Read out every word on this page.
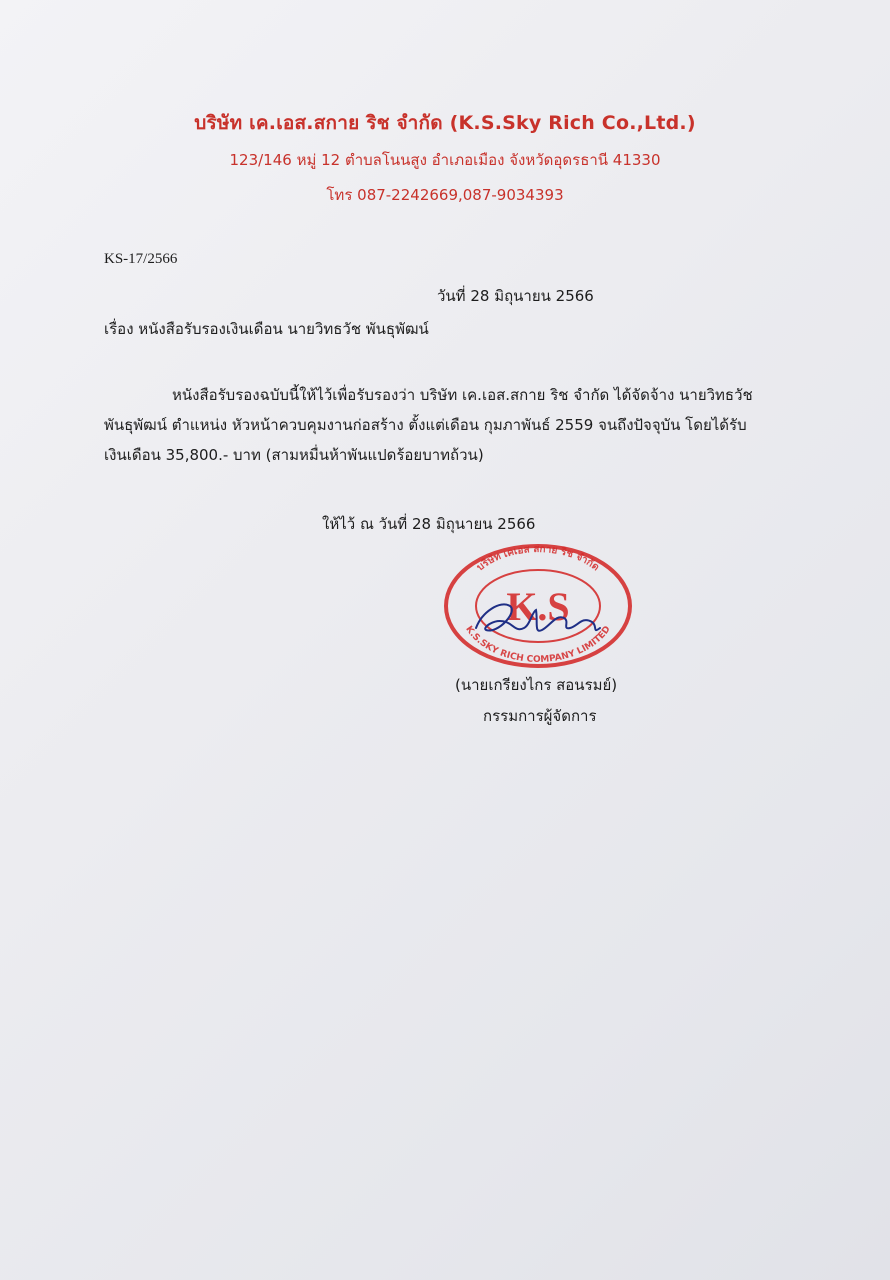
บริษัท เค.เอส.สกาย ริช จำกัด (K.S.Sky Rich Co.,Ltd.)
123/146 หมู่ 12 ตำบลโนนสูง อำเภอเมือง จังหวัดอุดรธานี 41330
โทร 087-2242669,087-9034393
KS-17/2566
วันที่ 28 มิถุนายน 2566
เรื่อง หนังสือรับรองเงินเดือน นายวิทธวัช พันธุพัฒน์
หนังสือรับรองฉบับนี้ให้ไว้เพื่อรับรองว่า บริษัท เค.เอส.สกาย ริช จำกัด ได้จัดจ้าง นายวิทธวัช
พันธุพัฒน์ ตำแหน่ง หัวหน้าควบคุมงานก่อสร้าง ตั้งแต่เดือน กุมภาพันธ์ 2559 จนถึงปัจจุบัน โดยได้รับ
เงินเดือน 35,800.- บาท (สามหมื่นห้าพันแปดร้อยบาทถ้วน)
ให้ไว้ ณ วันที่ 28 มิถุนายน 2566
บริษัท เคเอส สกาย ริช จำกัด
K.S.SKY RICH COMPANY LIMITED
K.S
(นายเกรียงไกร สอนรมย์)
กรรมการผู้จัดการ
